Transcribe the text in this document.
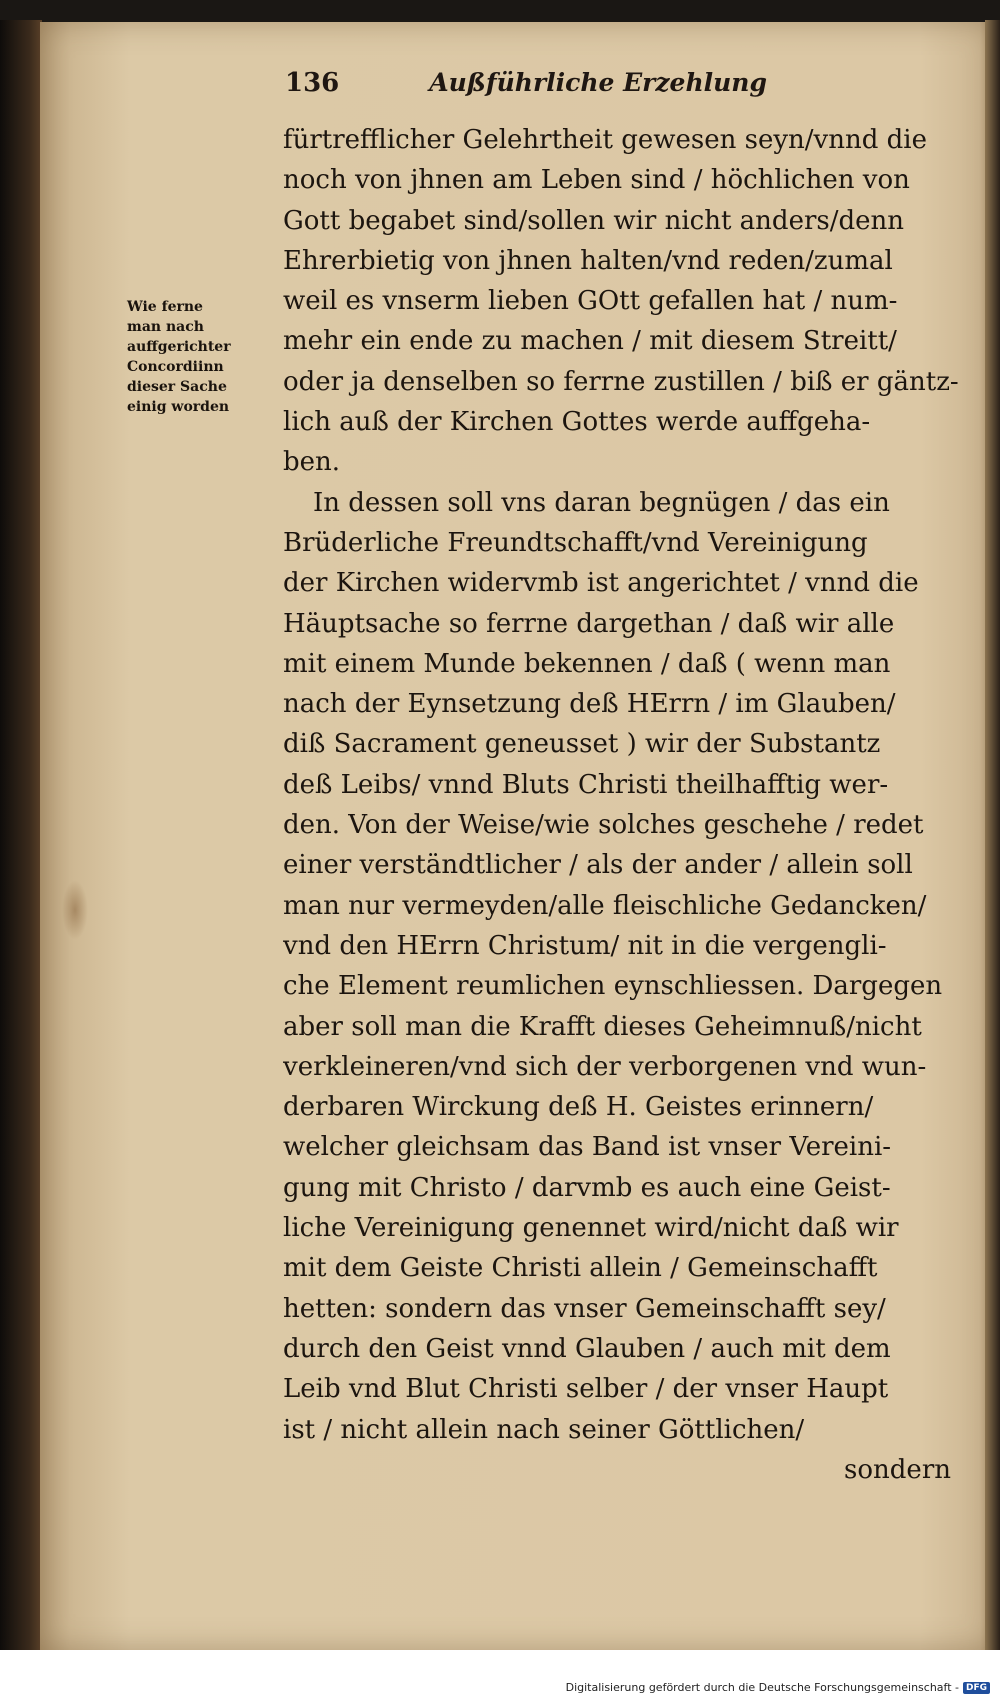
136	Außführliche Erzehlung
Wie ferne
man nach
auffgerichter
Concordiinn
dieser Sache
einig worden
fürtrefflicher Gelehrtheit gewesen seyn/vnnd die
noch von jhnen am Leben sind / höchlichen von
Gott begabet sind/sollen wir nicht anders/denn
Ehrerbietig von jhnen halten/vnd reden/zumal
weil es vnserm lieben GOtt gefallen hat / num-
mehr ein ende zu machen / mit diesem Streitt/
oder ja denselben so ferrne zustillen / biß er gäntz-
lich auß der Kirchen Gottes werde auffgeha-
ben.
In dessen soll vns daran begnügen / das ein
Brüderliche Freundtschafft/vnd Vereinigung
der Kirchen widervmb ist angerichtet / vnnd die
Häuptsache so ferrne dargethan / daß wir alle
mit einem Munde bekennen / daß ( wenn man
nach der Eynsetzung deß HErrn / im Glauben/
diß Sacrament geneusset ) wir der Substantz
deß Leibs/ vnnd Bluts Christi theilhafftig wer-
den. Von der Weise/wie solches geschehe / redet
einer verständtlicher / als der ander / allein soll
man nur vermeyden/alle fleischliche Gedancken/
vnd den HErrn Christum/ nit in die vergengli-
che Element reumlichen eynschliessen. Dargegen
aber soll man die Krafft dieses Geheimnuß/nicht
verkleineren/vnd sich der verborgenen vnd wun-
derbaren Wirckung deß H. Geistes erinnern/
welcher gleichsam das Band ist vnser Vereini-
gung mit Christo / darvmb es auch eine Geist-
liche Vereinigung genennet wird/nicht daß wir
mit dem Geiste Christi allein / Gemeinschafft
hetten: sondern das vnser Gemeinschafft sey/
durch den Geist vnnd Glauben / auch mit dem
Leib vnd Blut Christi selber / der vnser Haupt
ist / nicht allein nach seiner Göttlichen/
sondern
Digitalisierung gefördert durch die Deutsche Forschungsgemeinschaft - DFG
